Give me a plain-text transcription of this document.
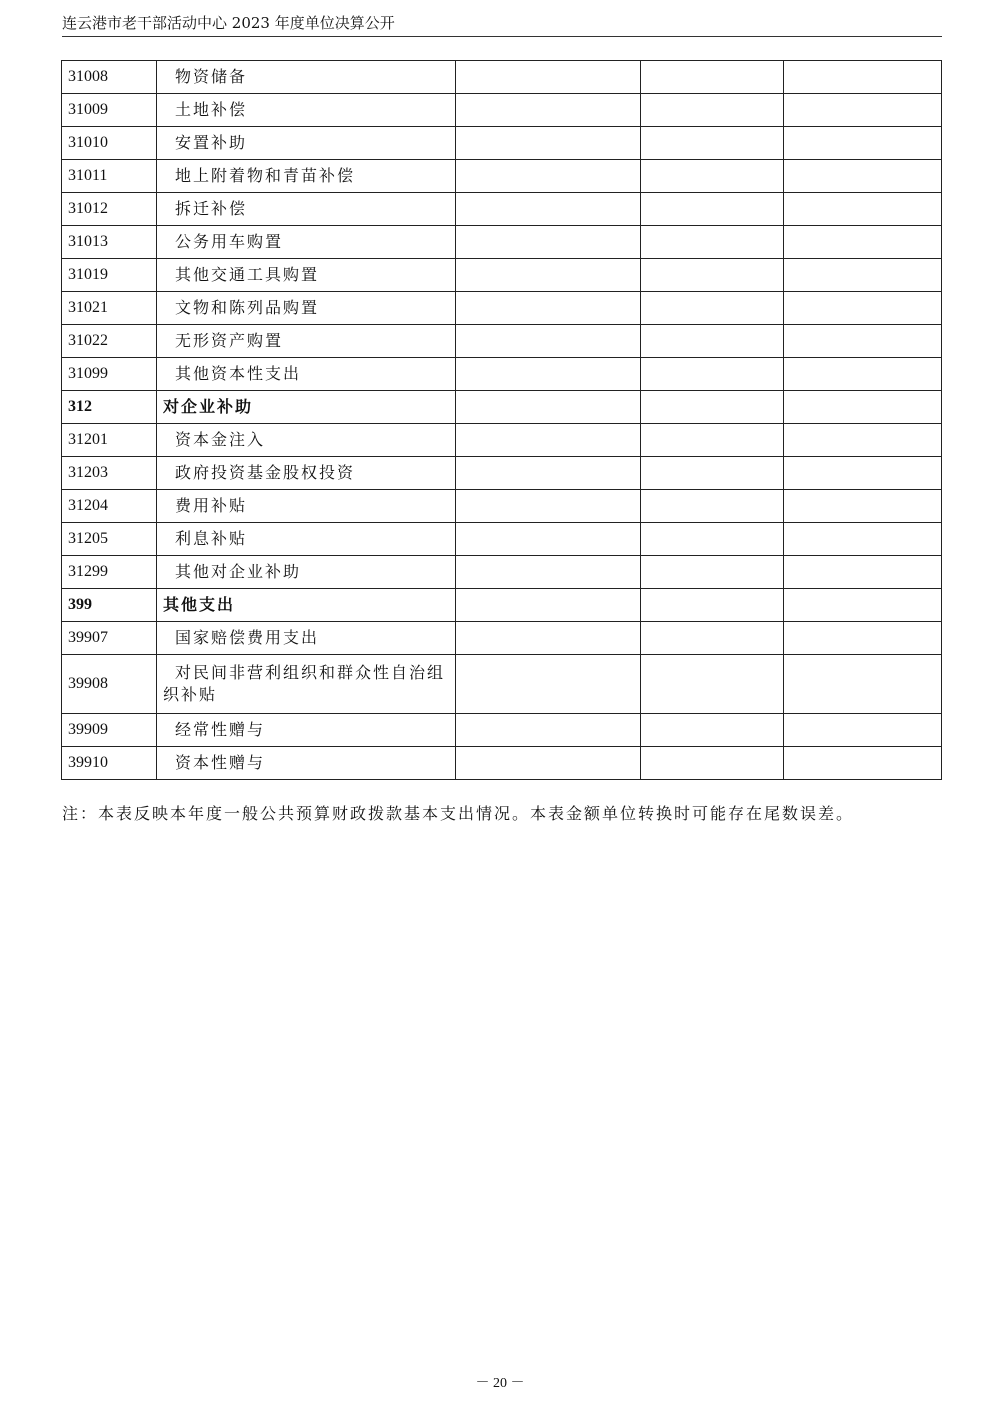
连云港市老干部活动中心 2023 年度单位决算公开
31008	物资储备			
31009	土地补偿			
31010	安置补助			
31011	地上附着物和青苗补偿			
31012	拆迁补偿			
31013	公务用车购置			
31019	其他交通工具购置			
31021	文物和陈列品购置			
31022	无形资产购置			
31099	其他资本性支出			
312	对企业补助			
31201	资本金注入			
31203	政府投资基金股权投资			
31204	费用补贴			
31205	利息补贴			
31299	其他对企业补助			
399	其他支出			
39907	国家赔偿费用支出			
39908	对民间非营利组织和群众性自治组织补贴			
39909	经常性赠与			
39910	资本性赠与			
注：本表反映本年度一般公共预算财政拨款基本支出情况。本表金额单位转换时可能存在尾数误差。
－ 20 －
